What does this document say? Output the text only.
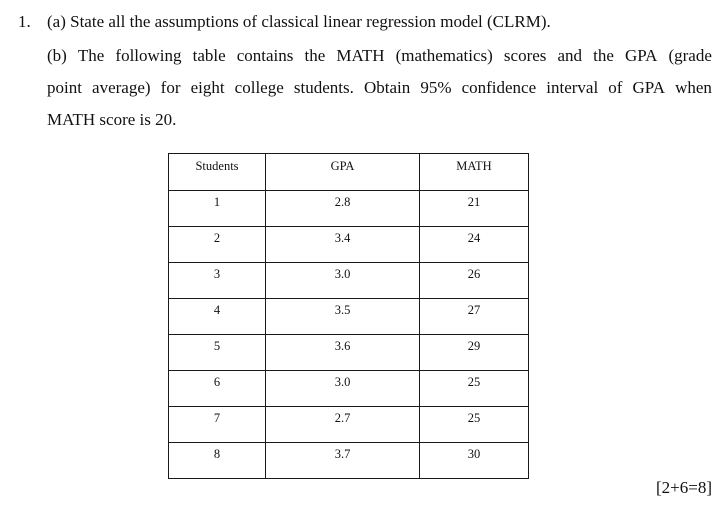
1. (a) State all the assumptions of classical linear regression model (CLRM).
(b) The following table contains the MATH (mathematics) scores and the GPA (grade
point average) for eight college students. Obtain 95% confidence interval of GPA when
MATH score is 20.
Students	GPA	MATH
1	2.8	21
2	3.4	24
3	3.0	26
4	3.5	27
5	3.6	29
6	3.0	25
7	2.7	25
8	3.7	30
[2+6=8]
